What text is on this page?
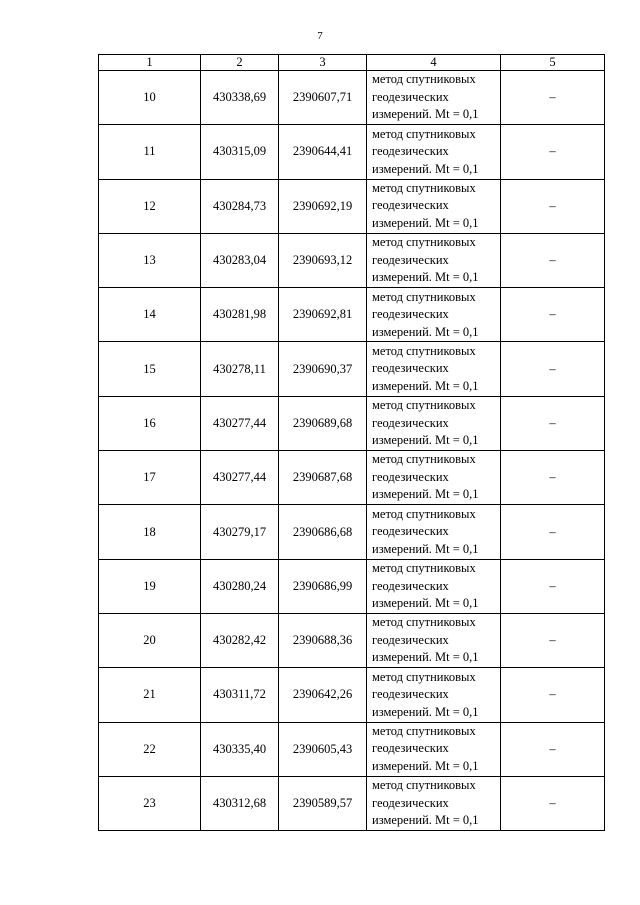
7
1	2	3	4	5
10	430338,69	2390607,71	метод спутниковых
геодезических
измерений. Mt = 0,1	–
11	430315,09	2390644,41	метод спутниковых
геодезических
измерений. Mt = 0,1	–
12	430284,73	2390692,19	метод спутниковых
геодезических
измерений. Mt = 0,1	–
13	430283,04	2390693,12	метод спутниковых
геодезических
измерений. Mt = 0,1	–
14	430281,98	2390692,81	метод спутниковых
геодезических
измерений. Mt = 0,1	–
15	430278,11	2390690,37	метод спутниковых
геодезических
измерений. Mt = 0,1	–
16	430277,44	2390689,68	метод спутниковых
геодезических
измерений. Mt = 0,1	–
17	430277,44	2390687,68	метод спутниковых
геодезических
измерений. Mt = 0,1	–
18	430279,17	2390686,68	метод спутниковых
геодезических
измерений. Mt = 0,1	–
19	430280,24	2390686,99	метод спутниковых
геодезических
измерений. Mt = 0,1	–
20	430282,42	2390688,36	метод спутниковых
геодезических
измерений. Mt = 0,1	–
21	430311,72	2390642,26	метод спутниковых
геодезических
измерений. Mt = 0,1	–
22	430335,40	2390605,43	метод спутниковых
геодезических
измерений. Mt = 0,1	–
23	430312,68	2390589,57	метод спутниковых
геодезических
измерений. Mt = 0,1	–
